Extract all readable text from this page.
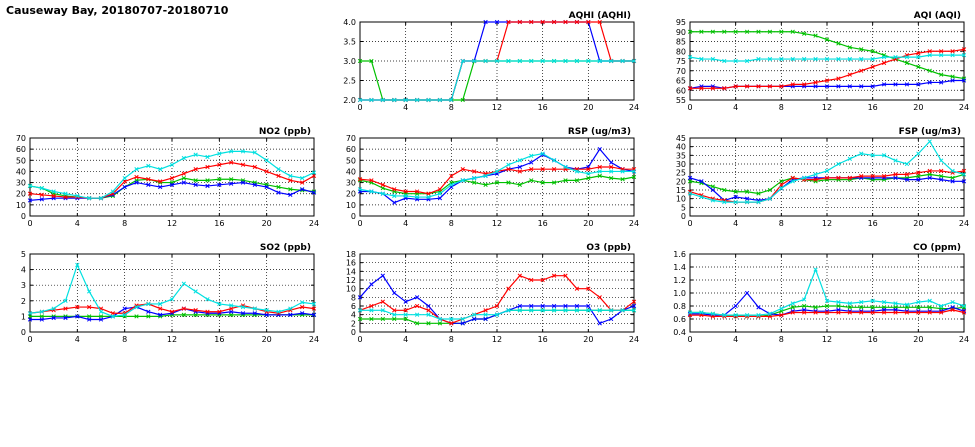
Causeway Bay, 20180707-20180710
2.0
2.5
3.0
3.5
4.0
0	4	8	12	16	20	24
AQHI (AQHI)
55
60
65
70
75
80
85
90
95
0	4	8	12	16	20	24
AQI (AQI)
0
10
20
30
40
50
60
70
0	4	8	12	16	20	24
NO2 (ppb)
0
10
20
30
40
50
60
70
0	4	8	12	16	20	24
RSP (ug/m3)
0
5
10
15
20
25
30
35
40
45
0	4	8	12	16	20	24
FSP (ug/m3)
0
1
2
3
4
5
0	4	8	12	16	20	24
SO2 (ppb)
0
2
4
6
8
10
12
14
16
18
0	4	8	12	16	20	24
O3 (ppb)
0.4
0.6
0.8
1.0
1.2
1.4
1.6
0	4	8	12	16	20	24
CO (ppm)
